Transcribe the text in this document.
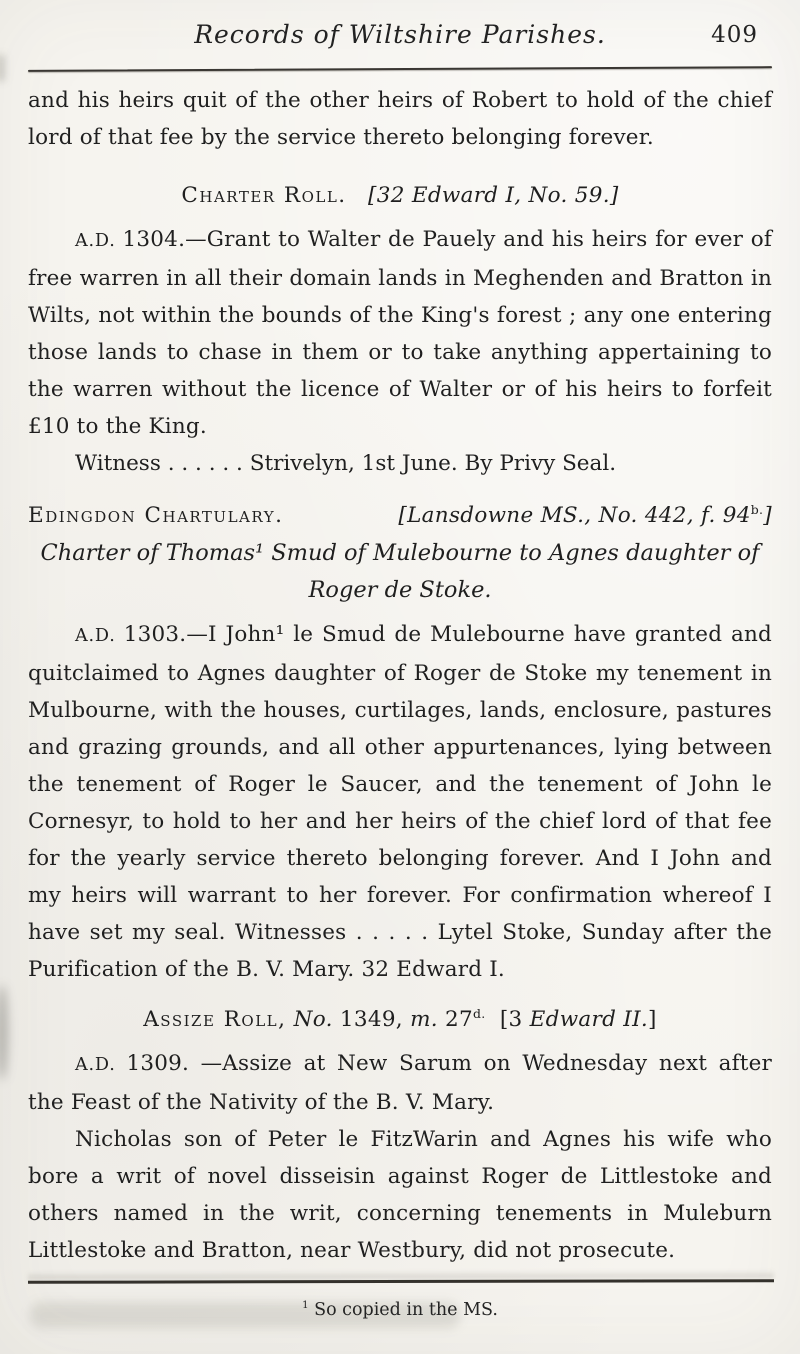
Records of Wiltshire Parishes.	409

and his heirs quit of the other heirs of Robert to hold of the chief lord of that fee by the service thereto belonging forever.

Charter Roll. [32 Edward I, No. 59.]

A.D. 1304.—Grant to Walter de Pauely and his heirs for ever of free warren in all their domain lands in Meghenden and Bratton in Wilts, not within the bounds of the King's forest ; any one entering those lands to chase in them or to take anything appertaining to the warren without the licence of Walter or of his heirs to forfeit £10 to the King.

Witness . . . . . . Strivelyn, 1st June. By Privy Seal.

Edingdon Chartulary.	[Lansdowne MS., No. 442, f. $94^{b.}$]
Charter of Thomas¹ Smud of Mulebourne to Agnes daughter of Roger de Stoke.

A.D. 1303.—I John¹ le Smud de Mulebourne have granted and quitclaimed to Agnes daughter of Roger de Stoke my tenement in Mulbourne, with the houses, curtilages, lands, enclosure, pastures and grazing grounds, and all other appurtenances, lying between the tenement of Roger le Saucer, and the tenement of John le Cornesyr, to hold to her and her heirs of the chief lord of that fee for the yearly service thereto belonging forever. And I John and my heirs will warrant to her forever. For confirmation whereof I have set my seal. Witnesses . . . . . Lytel Stoke, Sunday after the Purification of the B. V. Mary. 32 Edward I.

Assize Roll, No. 1349, m. $27^{d.}$ [3 Edward II.]

A.D. 1309. —Assize at New Sarum on Wednesday next after the Feast of the Nativity of the B. V. Mary.

Nicholas son of Peter le FitzWarin and Agnes his wife who bore a writ of novel disseisin against Roger de Littlestoke and others named in the writ, concerning tenements in Muleburn Littlestoke and Bratton, near Westbury, did not prosecute.

$^1$ So copied in the MS.
